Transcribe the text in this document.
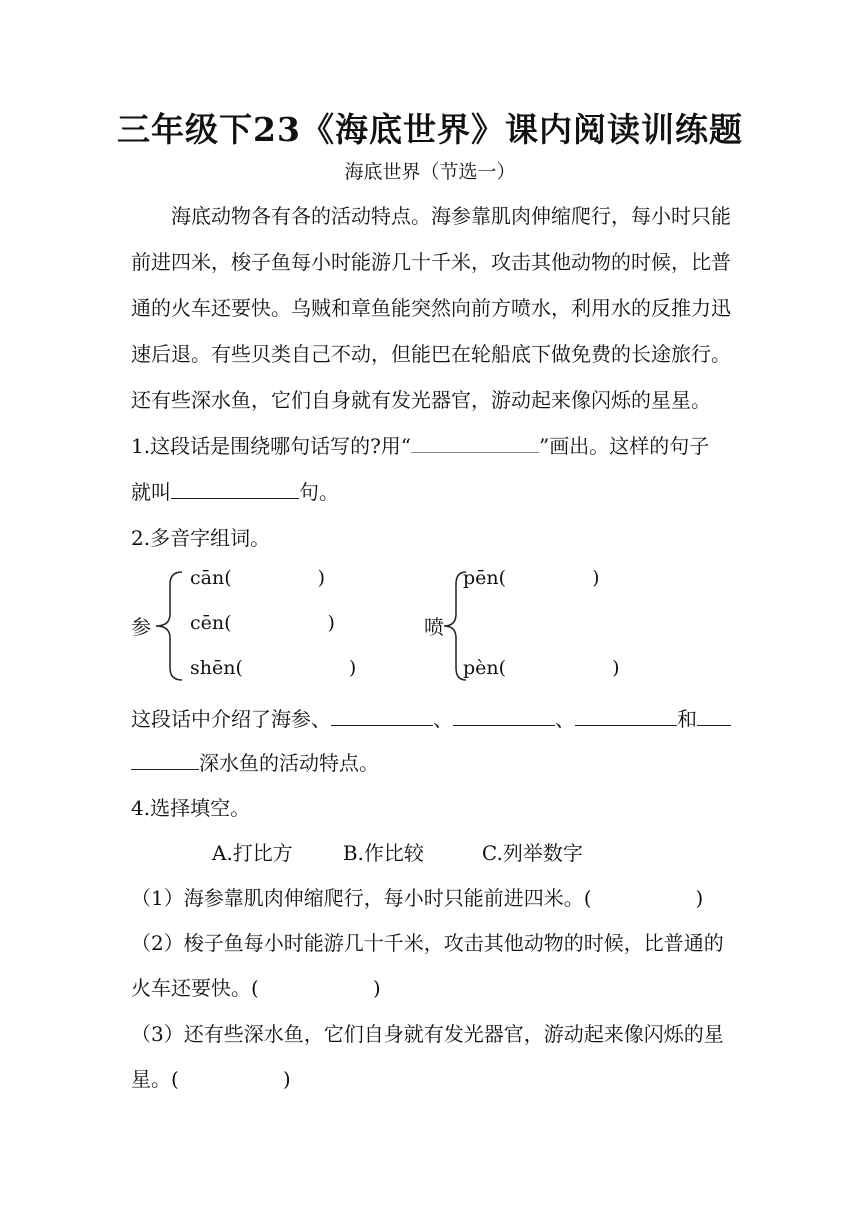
三年级下23《海底世界》课内阅读训练题
海底世界（节选一）
海底动物各有各的活动特点。海参靠肌肉伸缩爬行，每小时只能前进四米，梭子鱼每小时能游几十千米，攻击其他动物的时候，比普通的火车还要快。乌贼和章鱼能突然向前方喷水，利用水的反推力迅速后退。有些贝类自己不动，但能巴在轮船底下做免费的长途旅行。还有些深水鱼，它们自身就有发光器官，游动起来像闪烁的星星。
1.这段话是围绕哪句话写的?用“	”画出。这样的句子
就叫	句。
2.多音字组词。
参
cān(	)
cēn(	)
shēn(	)
喷
pēn(	)
pèn(	)
这段话中介绍了海参、	、	、	和
深水鱼的活动特点。
4.选择填空。
A.打比方	B.作比较	C.列举数字
（1）海参靠肌肉伸缩爬行，每小时只能前进四米。(	)
（2）梭子鱼每小时能游几十千米，攻击其他动物的时候，比普通的
火车还要快。(	)
（3）还有些深水鱼，它们自身就有发光器官，游动起来像闪烁的星
星。(	)
